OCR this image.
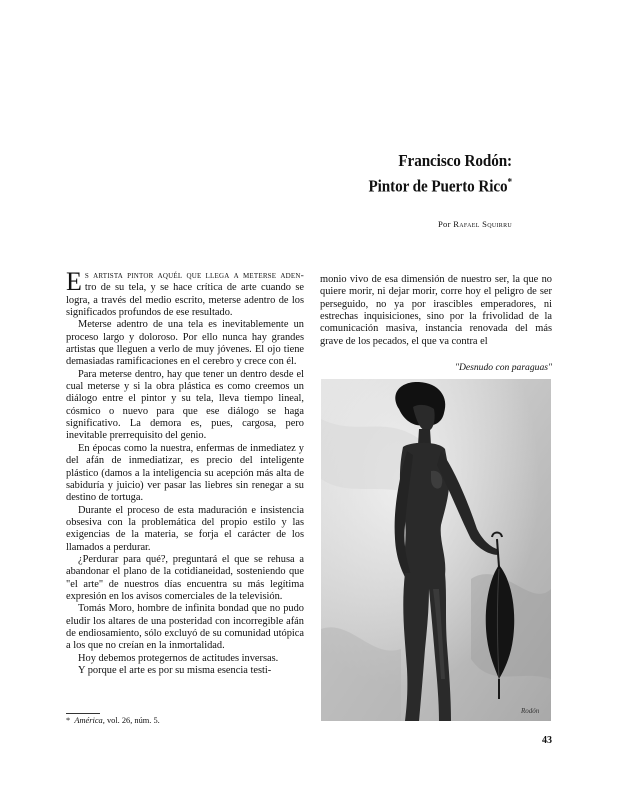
Francisco Rodón:
Pintor de Puerto Rico*
Por Rafael Squirru

Es artista pintor aquél que llega a meterse aden- tro de su tela, y se hace crítica de arte cuando se logra, a través del medio escrito, meterse adentro de los significados profundos de ese resultado.

Meterse adentro de una tela es inevitablemente un proceso largo y doloroso. Por ello nunca hay grandes artistas que lleguen a verlo de muy jóvenes. El ojo tiene demasiadas ramificaciones en el cerebro y crece con él.

Para meterse dentro, hay que tener un dentro desde el cual meterse y si la obra plástica es como creemos un diálogo entre el pintor y su tela, lleva tiempo lineal, cósmico o nuevo para que ese diálogo se haga significativo. La demora es, pues, cargosa, pero inevitable prerrequisito del genio.

En épocas como la nuestra, enfermas de inmediatez y del afán de inmediatizar, es precio del inteligente plástico (damos a la inteligencia su acepción más alta de sabiduría y juicio) ver pasar las liebres sin renegar a su destino de tortuga.

Durante el proceso de esta maduración e insistencia obsesiva con la problemática del propio estilo y las exigencias de la materia, se forja el carácter de los llamados a perdurar.

¿Perdurar para qué?, preguntará el que se rehusa a abandonar el plano de la cotidianeidad, sosteniendo que "el arte" de nuestros días encuentra su más legítima expresión en los avisos comerciales de la televisión.

Tomás Moro, hombre de infinita bondad que no pudo eludir los altares de una posteridad con incorregible afán de endiosamiento, sólo excluyó de su comunidad utópica a los que no creían en la inmortalidad.

Hoy debemos protegernos de actitudes inversas.

Y porque el arte es por su misma esencia testi-

monio vivo de esa dimensión de nuestro ser, la que no quiere morir, ni dejar morir, corre hoy el peligro de ser perseguido, no ya por irascibles emperadores, ni estrechas inquisiciones, sino por la frivolidad de la comunicación masiva, instancia renovada del más grave de los pecados, el que va contra el

"Desnudo con paraguas"
Rodón
* América, vol. 26, núm. 5.
43
